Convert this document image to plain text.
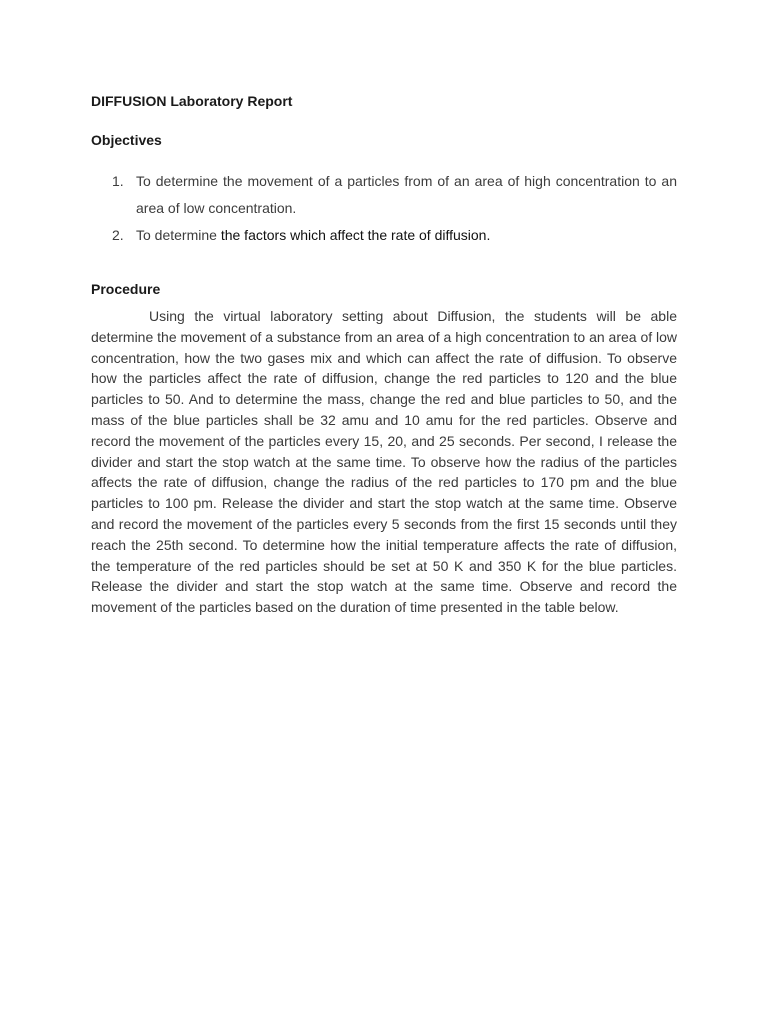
DIFFUSION Laboratory Report
Objectives
1. To determine the movement of a particles from of an area of high concentration to an area of low concentration.
2. To determine the factors which affect the rate of diffusion.
Procedure

Using the virtual laboratory setting about Diffusion, the students will be able determine the movement of a substance from an area of a high concentration to an area of low concentration, how the two gases mix and which can affect the rate of diffusion. To observe how the particles affect the rate of diffusion, change the red particles to 120 and the blue particles to 50. And to determine the mass, change the red and blue particles to 50, and the mass of the blue particles shall be 32 amu and 10 amu for the red particles. Observe and record the movement of the particles every 15, 20, and 25 seconds. Per second, I release the divider and start the stop watch at the same time. To observe how the radius of the particles affects the rate of diffusion, change the radius of the red particles to 170 pm and the blue particles to 100 pm. Release the divider and start the stop watch at the same time. Observe and record the movement of the particles every 5 seconds from the first 15 seconds until they reach the 25th second. To determine how the initial temperature affects the rate of diffusion, the temperature of the red particles should be set at 50 K and 350 K for the blue particles. Release the divider and start the stop watch at the same time. Observe and record the movement of the particles based on the duration of time presented in the table below.
